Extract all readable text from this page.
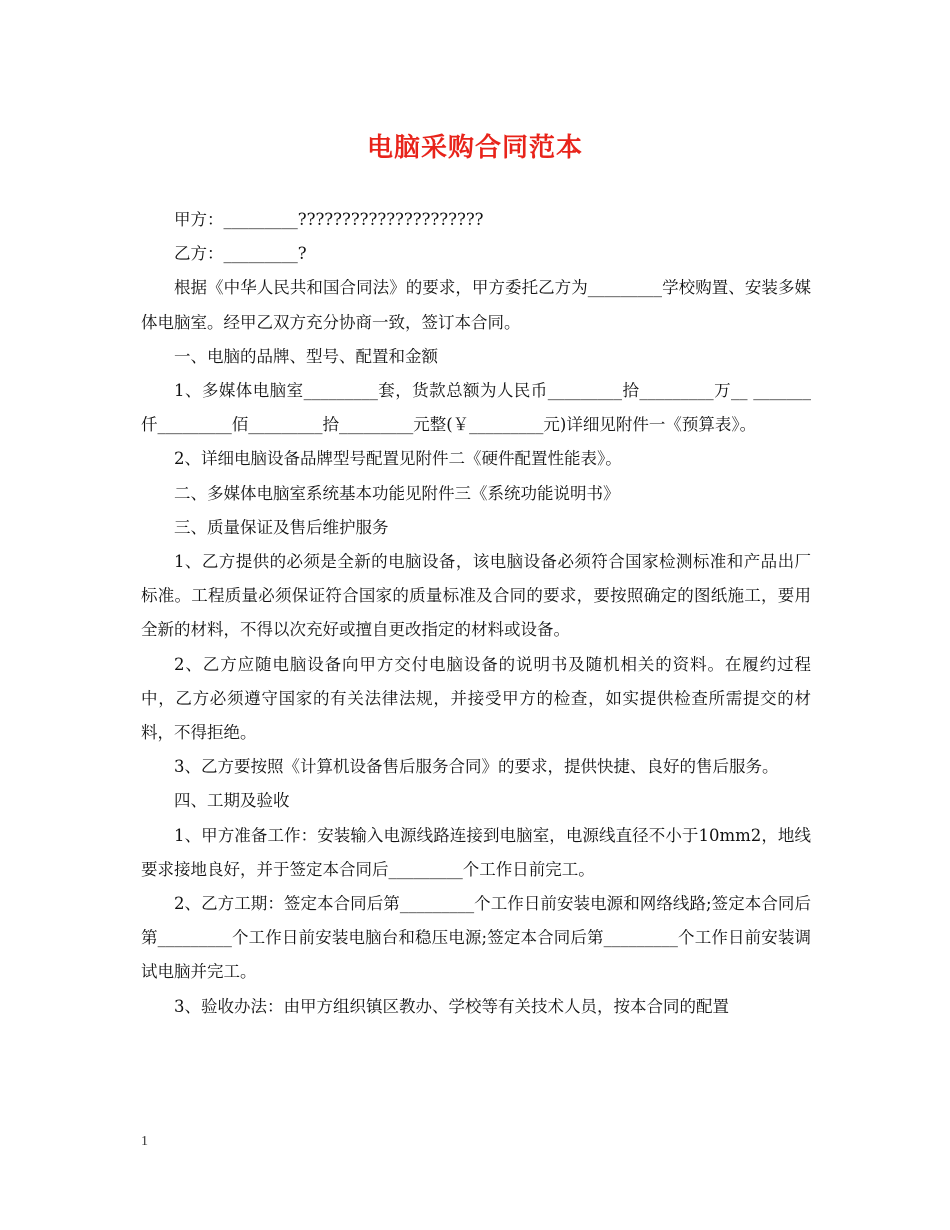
电脑采购合同范本

甲方：_________?????????????????????

乙方：_________?

根据《中华人民共和国合同法》的要求，甲方委托乙方为_________学校购置、安装多媒体电脑室。经甲乙双方充分协商一致，签订本合同。

一、电脑的品牌、型号、配置和金额

1、多媒体电脑室_________套，货款总额为人民币_________拾_________万__ _______仟_________佰_________拾_________元整(￥_________元)详细见附件一《预算表》。

2、详细电脑设备品牌型号配置见附件二《硬件配置性能表》。

二、多媒体电脑室系统基本功能见附件三《系统功能说明书》

三、质量保证及售后维护服务

1、乙方提供的必须是全新的电脑设备，该电脑设备必须符合国家检测标准和产品出厂标准。工程质量必须保证符合国家的质量标准及合同的要求，要按照确定的图纸施工，要用全新的材料，不得以次充好或擅自更改指定的材料或设备。

2、乙方应随电脑设备向甲方交付电脑设备的说明书及随机相关的资料。在履约过程中，乙方必须遵守国家的有关法律法规，并接受甲方的检查，如实提供检查所需提交的材料，不得拒绝。

3、乙方要按照《计算机设备售后服务合同》的要求，提供快捷、良好的售后服务。

四、工期及验收

1、甲方准备工作：安装输入电源线路连接到电脑室，电源线直径不小于10mm2，地线要求接地良好，并于签定本合同后_________个工作日前完工。

2、乙方工期：签定本合同后第_________个工作日前安装电源和网络线路;签定本合同后第_________个工作日前安装电脑台和稳压电源;签定本合同后第_________个工作日前安装调试电脑并完工。

3、验收办法：由甲方组织镇区教办、学校等有关技术人员，按本合同的配置

1
